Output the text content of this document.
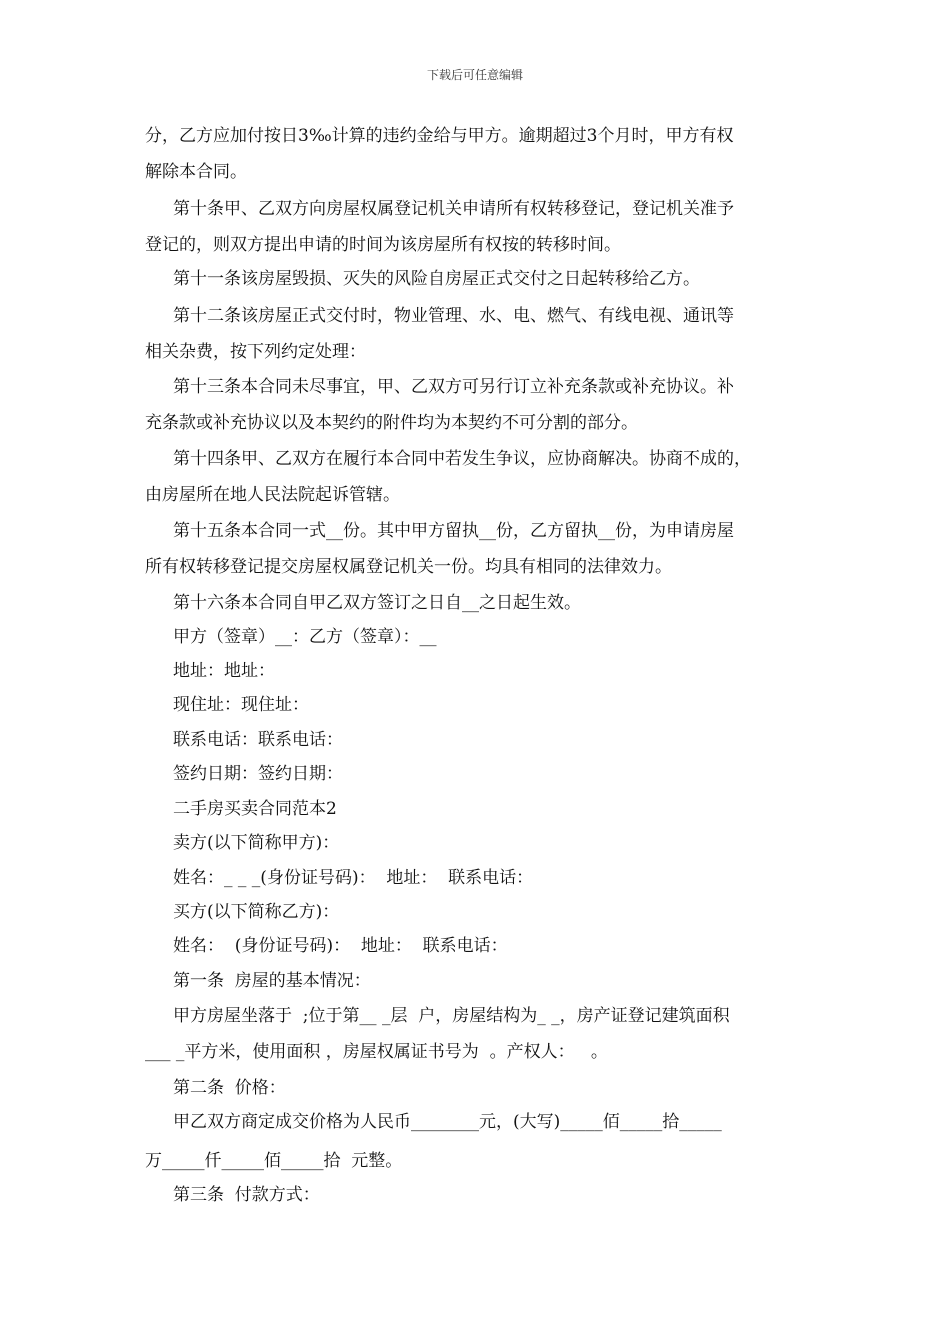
下载后可任意编辑
分，乙方应加付按日3‰计算的违约金给与甲方。逾期超过3个月时，甲方有权
解除本合同。
第十条甲、乙双方向房屋权属登记机关申请所有权转移登记，登记机关准予
登记的，则双方提出申请的时间为该房屋所有权按的转移时间。
第十一条该房屋毁损、灭失的风险自房屋正式交付之日起转移给乙方。
第十二条该房屋正式交付时，物业管理、水、电、燃气、有线电视、通讯等
相关杂费，按下列约定处理：
第十三条本合同未尽事宜，甲、乙双方可另行订立补充条款或补充协议。补
充条款或补充协议以及本契约的附件均为本契约不可分割的部分。
第十四条甲、乙双方在履行本合同中若发生争议，应协商解决。协商不成的，
由房屋所在地人民法院起诉管辖。
第十五条本合同一式__份。其中甲方留执__份，乙方留执__份，为申请房屋
所有权转移登记提交房屋权属登记机关一份。均具有相同的法律效力。
第十六条本合同自甲乙双方签订之日自__之日起生效。
甲方（签章）__：乙方（签章）：__
地址：地址：
现住址：现住址：
联系电话：联系电话：
签约日期：签约日期：
二手房买卖合同范本2
卖方(以下简称甲方)：
姓名：_ _ _(身份证号码)：  地址：  联系电话：
买方(以下简称乙方)：
姓名：  (身份证号码)：  地址：  联系电话：
第一条  房屋的基本情况：
甲方房屋坐落于  ;位于第__ _层  户，房屋结构为_ _，房产证登记建筑面积
___ _平方米，使用面积 ，房屋权属证书号为  。产权人：   。
第二条  价格：
甲乙双方商定成交价格为人民币________元，(大写)_____佰_____拾_____
万_____仟_____佰_____拾  元整。
第三条  付款方式：
